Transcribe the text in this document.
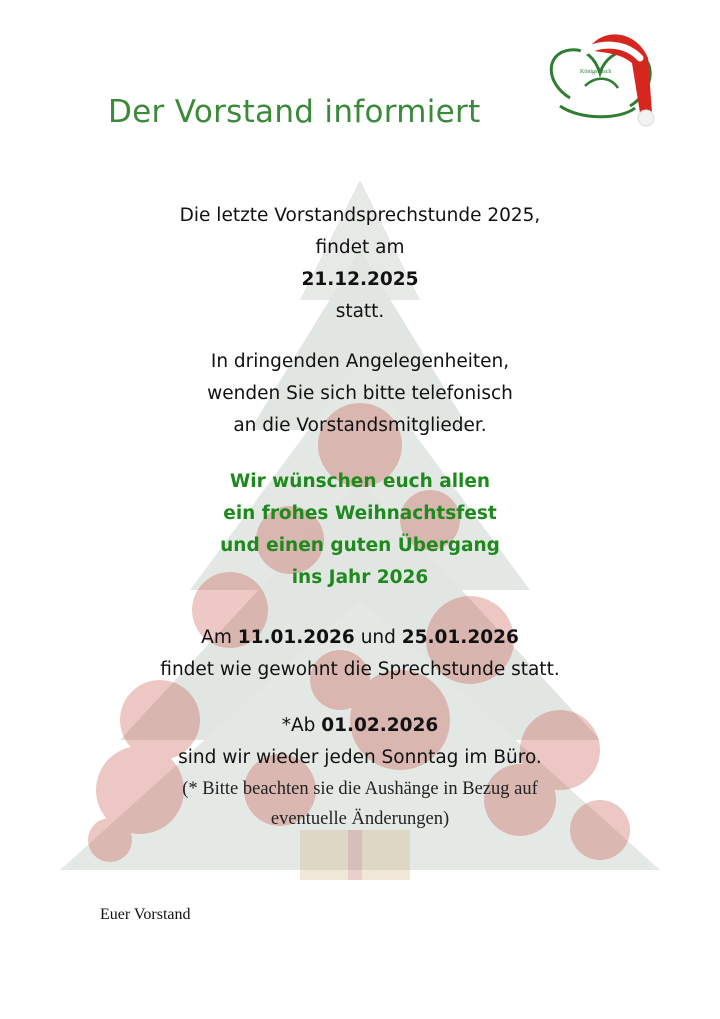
Der Vorstand informiert
Königsbusch
Die letzte Vorstandsprechstunde 2025,
findet am
21.12.2025
statt.
In dringenden Angelegenheiten,
wenden Sie sich bitte telefonisch
an die Vorstandsmitglieder.
Wir wünschen euch allen
ein frohes Weihnachtsfest
und einen guten Übergang
ins Jahr 2026
Am 11.01.2026 und 25.01.2026
findet wie gewohnt die Sprechstunde statt.
*Ab 01.02.2026
sind wir wieder jeden Sonntag im Büro.
(* Bitte beachten sie die Aushänge in Bezug auf
eventuelle Änderungen)
Euer Vorstand
